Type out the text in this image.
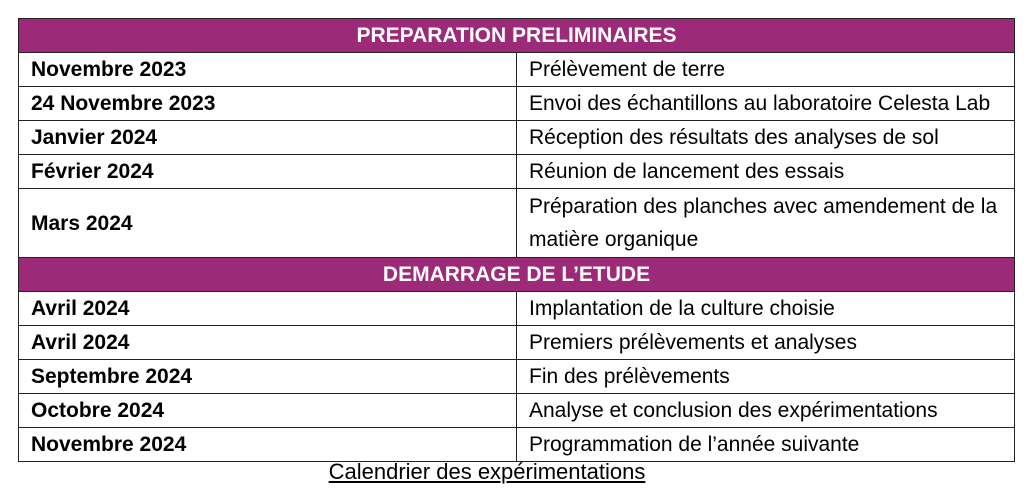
PREPARATION PRELIMINAIRES	
Novembre 2023	Prélèvement de terre
24 Novembre 2023	Envoi des échantillons au laboratoire Celesta Lab
Janvier 2024	Réception des résultats des analyses de sol
Février 2024	Réunion de lancement des essais
Mars 2024	Préparation des planches avec amendement de la matière organique
DEMARRAGE DE L’ETUDE	
Avril 2024	Implantation de la culture choisie
Avril 2024	Premiers prélèvements et analyses
Septembre 2024	Fin des prélèvements
Octobre 2024	Analyse et conclusion des expérimentations
Novembre 2024	Programmation de l’année suivante
Calendrier des expérimentations
